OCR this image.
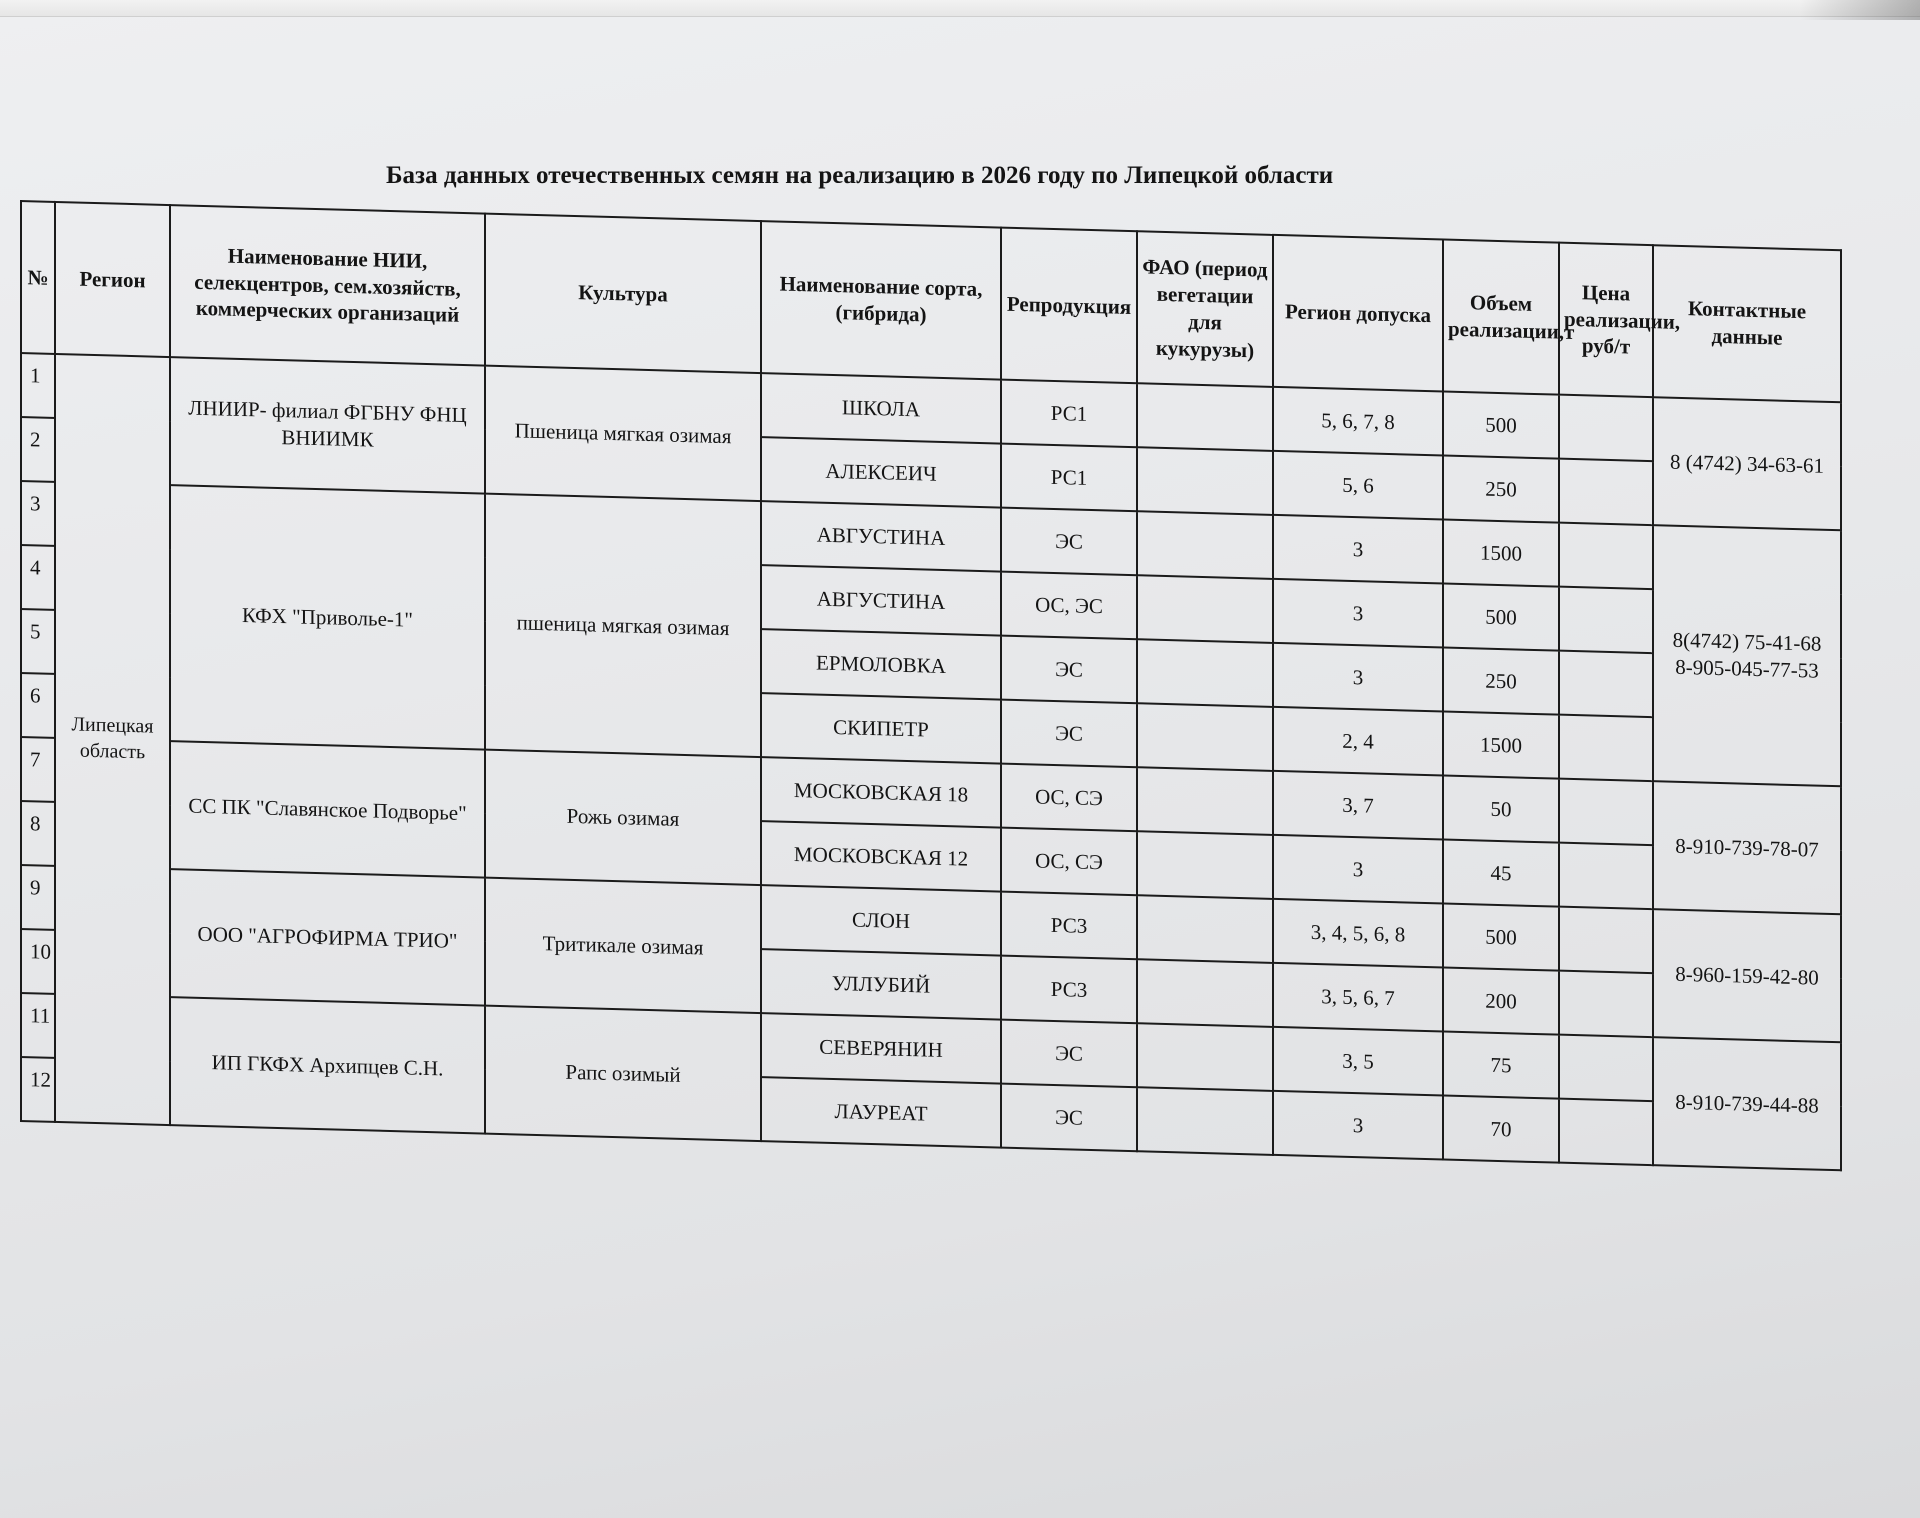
База данных отечественных семян на реализацию в 2026 году по Липецкой области
№	Регион	Наименование НИИ, селекцентров, сем.хозяйств, коммерческих организаций	Культура	Наименование сорта, (гибрида)	Репродукция	ФАО (период вегетации для кукурузы)	Регион допуска	Объем реализации,т	Цена реализации, руб/т	Контактные данные
1	Липецкая область	ЛНИИР- филиал ФГБНУ ФНЦ ВНИИМК	Пшеница мягкая озимая	ШКОЛА	РС1		5, 6, 7, 8	500		8 (4742) 34-63-61
2				АЛЕКСЕИЧ	РС1		5, 6	250		
3		КФХ "Приволье-1"	пшеница мягкая озимая	АВГУСТИНА	ЭС		3	1500		8(4742) 75-41-68
8-905-045-77-53
4				АВГУСТИНА	ОС, ЭС		3	500		
5				ЕРМОЛОВКА	ЭС		3	250		
6				СКИПЕТР	ЭС		2, 4	1500		
7		СС ПК "Славянское Подворье"	Рожь озимая	МОСКОВСКАЯ 18	ОС, СЭ		3, 7	50		8-910-739-78-07
8				МОСКОВСКАЯ 12	ОС, СЭ		3	45		
9		ООО "АГРОФИРМА ТРИО"	Тритикале озимая	СЛОН	РС3		3, 4, 5, 6, 8	500		8-960-159-42-80
10				УЛЛУБИЙ	РС3		3, 5, 6, 7	200		
11		ИП ГКФХ Архипцев С.Н.	Рапс озимый	СЕВЕРЯНИН	ЭС		3, 5	75		8-910-739-44-88
12				ЛАУРЕАТ	ЭС		3	70		
